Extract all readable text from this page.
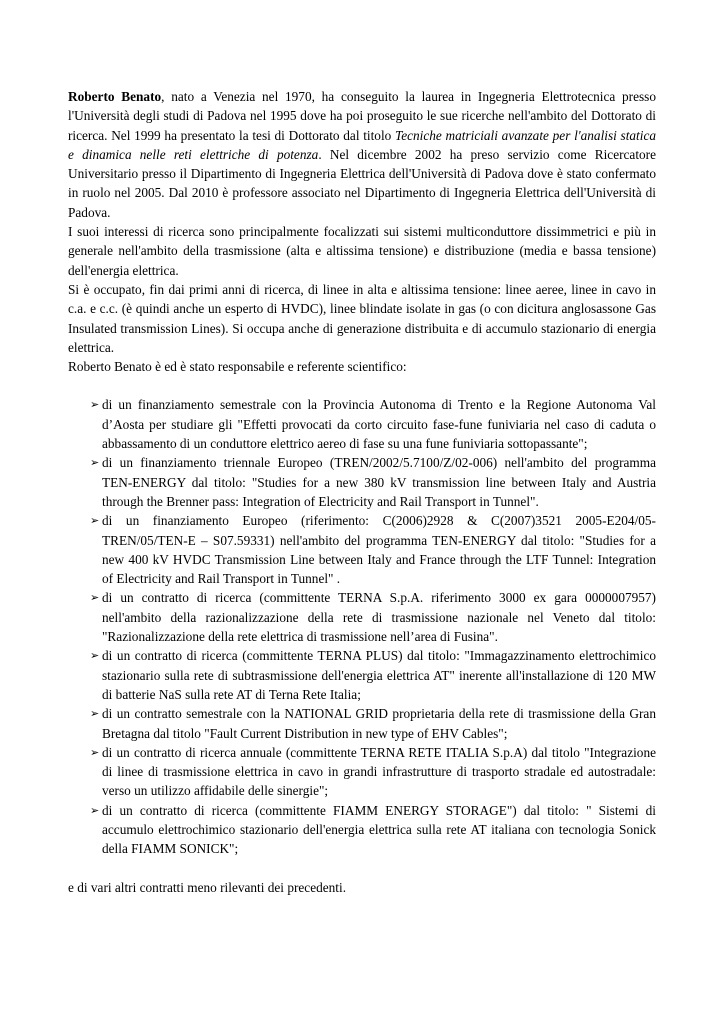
Roberto Benato, nato a Venezia nel 1970, ha conseguito la laurea in Ingegneria Elettrotecnica presso l'Università degli studi di Padova nel 1995 dove ha poi proseguito le sue ricerche nell'ambito del Dottorato di ricerca. Nel 1999 ha presentato la tesi di Dottorato dal titolo Tecniche matriciali avanzate per l'analisi statica e dinamica nelle reti elettriche di potenza. Nel dicembre 2002 ha preso servizio come Ricercatore Universitario presso il Dipartimento di Ingegneria Elettrica dell'Università di Padova dove è stato confermato in ruolo nel 2005. Dal 2010 è professore associato nel Dipartimento di Ingegneria Elettrica dell'Università di Padova.

I suoi interessi di ricerca sono principalmente focalizzati sui sistemi multiconduttore dissimmetrici e più in generale nell'ambito della trasmissione (alta e altissima tensione) e distribuzione (media e bassa tensione) dell'energia elettrica.

Si è occupato, fin dai primi anni di ricerca, di linee in alta e altissima tensione: linee aeree, linee in cavo in c.a. e c.c. (è quindi anche un esperto di HVDC), linee blindate isolate in gas (o con dicitura anglosassone Gas Insulated transmission Lines). Si occupa anche di generazione distribuita e di accumulo stazionario di energia elettrica.

Roberto Benato è ed è stato responsabile e referente scientifico:

➢ di un finanziamento semestrale con la Provincia Autonoma di Trento e la Regione Autonoma Val d’Aosta per studiare gli "Effetti provocati da corto circuito fase-fune funiviaria nel caso di caduta o abbassamento di un conduttore elettrico aereo di fase su una fune funiviaria sottopassante";
➢ di un finanziamento triennale Europeo (TREN/2002/5.7100/Z/02-006) nell'ambito del programma TEN-ENERGY dal titolo: "Studies for a new 380 kV transmission line between Italy and Austria through the Brenner pass: Integration of Electricity and Rail Transport in Tunnel".
➢ di un finanziamento Europeo (riferimento: C(2006)2928 & C(2007)3521 2005-E204/05-TREN/05/TEN-E – S07.59331) nell'ambito del programma TEN-ENERGY dal titolo: "Studies for a new 400 kV HVDC Transmission Line between Italy and France through the LTF Tunnel: Integration of Electricity and Rail Transport in Tunnel" .
➢ di un contratto di ricerca (committente TERNA S.p.A. riferimento 3000 ex gara 0000007957) nell'ambito della razionalizzazione della rete di trasmissione nazionale nel Veneto dal titolo: "Razionalizzazione della rete elettrica di trasmissione nell’area di Fusina".
➢ di un contratto di ricerca (committente TERNA PLUS) dal titolo: "Immagazzinamento elettrochimico stazionario sulla rete di subtrasmissione dell'energia elettrica AT" inerente all'installazione di 120 MW di batterie NaS sulla rete AT di Terna Rete Italia;
➢ di un contratto semestrale con la NATIONAL GRID proprietaria della rete di trasmissione della Gran Bretagna dal titolo "Fault Current Distribution in new type of EHV Cables";
➢ di un contratto di ricerca annuale (committente TERNA RETE ITALIA S.p.A) dal titolo "Integrazione di linee di trasmissione elettrica in cavo in grandi infrastrutture di trasporto stradale ed autostradale: verso un utilizzo affidabile delle sinergie";
➢ di un contratto di ricerca (committente FIAMM ENERGY STORAGE") dal titolo: " Sistemi di accumulo elettrochimico stazionario dell'energia elettrica sulla rete AT italiana con tecnologia Sonick della FIAMM SONICK";

e di vari altri contratti meno rilevanti dei precedenti.
